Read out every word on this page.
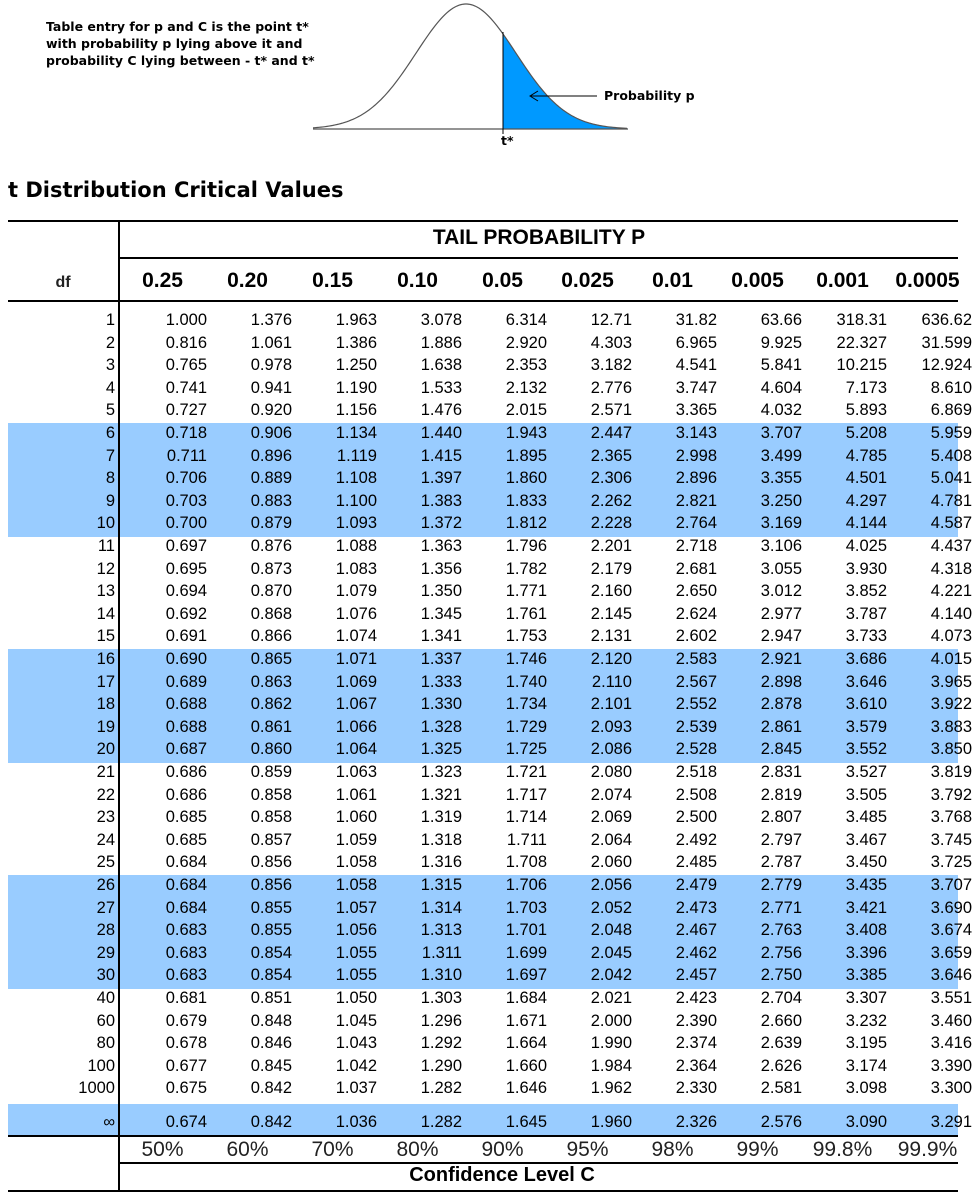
Table entry for p and C is the point t*
with probability p lying above it and
probability C lying between - t* and t*
Probability p
t*
t Distribution Critical Values
TAIL PROBABILITY P
df
1	1.000	1.376	1.963	3.078	6.314	12.71	31.82	63.66	318.31	636.62
2	0.816	1.061	1.386	1.886	2.920	4.303	6.965	9.925	22.327	31.599
3	0.765	0.978	1.250	1.638	2.353	3.182	4.541	5.841	10.215	12.924
4	0.741	0.941	1.190	1.533	2.132	2.776	3.747	4.604	7.173	8.610
5	0.727	0.920	1.156	1.476	2.015	2.571	3.365	4.032	5.893	6.869
6	0.718	0.906	1.134	1.440	1.943	2.447	3.143	3.707	5.208	5.959
7	0.711	0.896	1.119	1.415	1.895	2.365	2.998	3.499	4.785	5.408
8	0.706	0.889	1.108	1.397	1.860	2.306	2.896	3.355	4.501	5.041
9	0.703	0.883	1.100	1.383	1.833	2.262	2.821	3.250	4.297	4.781
10	0.700	0.879	1.093	1.372	1.812	2.228	2.764	3.169	4.144	4.587
11	0.697	0.876	1.088	1.363	1.796	2.201	2.718	3.106	4.025	4.437
12	0.695	0.873	1.083	1.356	1.782	2.179	2.681	3.055	3.930	4.318
13	0.694	0.870	1.079	1.350	1.771	2.160	2.650	3.012	3.852	4.221
14	0.692	0.868	1.076	1.345	1.761	2.145	2.624	2.977	3.787	4.140
15	0.691	0.866	1.074	1.341	1.753	2.131	2.602	2.947	3.733	4.073
16	0.690	0.865	1.071	1.337	1.746	2.120	2.583	2.921	3.686	4.015
17	0.689	0.863	1.069	1.333	1.740	2.110	2.567	2.898	3.646	3.965
18	0.688	0.862	1.067	1.330	1.734	2.101	2.552	2.878	3.610	3.922
19	0.688	0.861	1.066	1.328	1.729	2.093	2.539	2.861	3.579	3.883
20	0.687	0.860	1.064	1.325	1.725	2.086	2.528	2.845	3.552	3.850
21	0.686	0.859	1.063	1.323	1.721	2.080	2.518	2.831	3.527	3.819
22	0.686	0.858	1.061	1.321	1.717	2.074	2.508	2.819	3.505	3.792
23	0.685	0.858	1.060	1.319	1.714	2.069	2.500	2.807	3.485	3.768
24	0.685	0.857	1.059	1.318	1.711	2.064	2.492	2.797	3.467	3.745
25	0.684	0.856	1.058	1.316	1.708	2.060	2.485	2.787	3.450	3.725
26	0.684	0.856	1.058	1.315	1.706	2.056	2.479	2.779	3.435	3.707
27	0.684	0.855	1.057	1.314	1.703	2.052	2.473	2.771	3.421	3.690
28	0.683	0.855	1.056	1.313	1.701	2.048	2.467	2.763	3.408	3.674
29	0.683	0.854	1.055	1.311	1.699	2.045	2.462	2.756	3.396	3.659
30	0.683	0.854	1.055	1.310	1.697	2.042	2.457	2.750	3.385	3.646
40	0.681	0.851	1.050	1.303	1.684	2.021	2.423	2.704	3.307	3.551
60	0.679	0.848	1.045	1.296	1.671	2.000	2.390	2.660	3.232	3.460
80	0.678	0.846	1.043	1.292	1.664	1.990	2.374	2.639	3.195	3.416
100	0.677	0.845	1.042	1.290	1.660	1.984	2.364	2.626	3.174	3.390
1000	0.675	0.842	1.037	1.282	1.646	1.962	2.330	2.581	3.098	3.300
∞	0.674	0.842	1.036	1.282	1.645	1.960	2.326	2.576	3.090	3.291
Confidence Level C
0.25	0.20	0.15	0.10	0.05	0.025	0.01	0.005	0.001	0.0005
50%	60%	70%	80%	90%	95%	98%	99%	99.8%	99.9%
